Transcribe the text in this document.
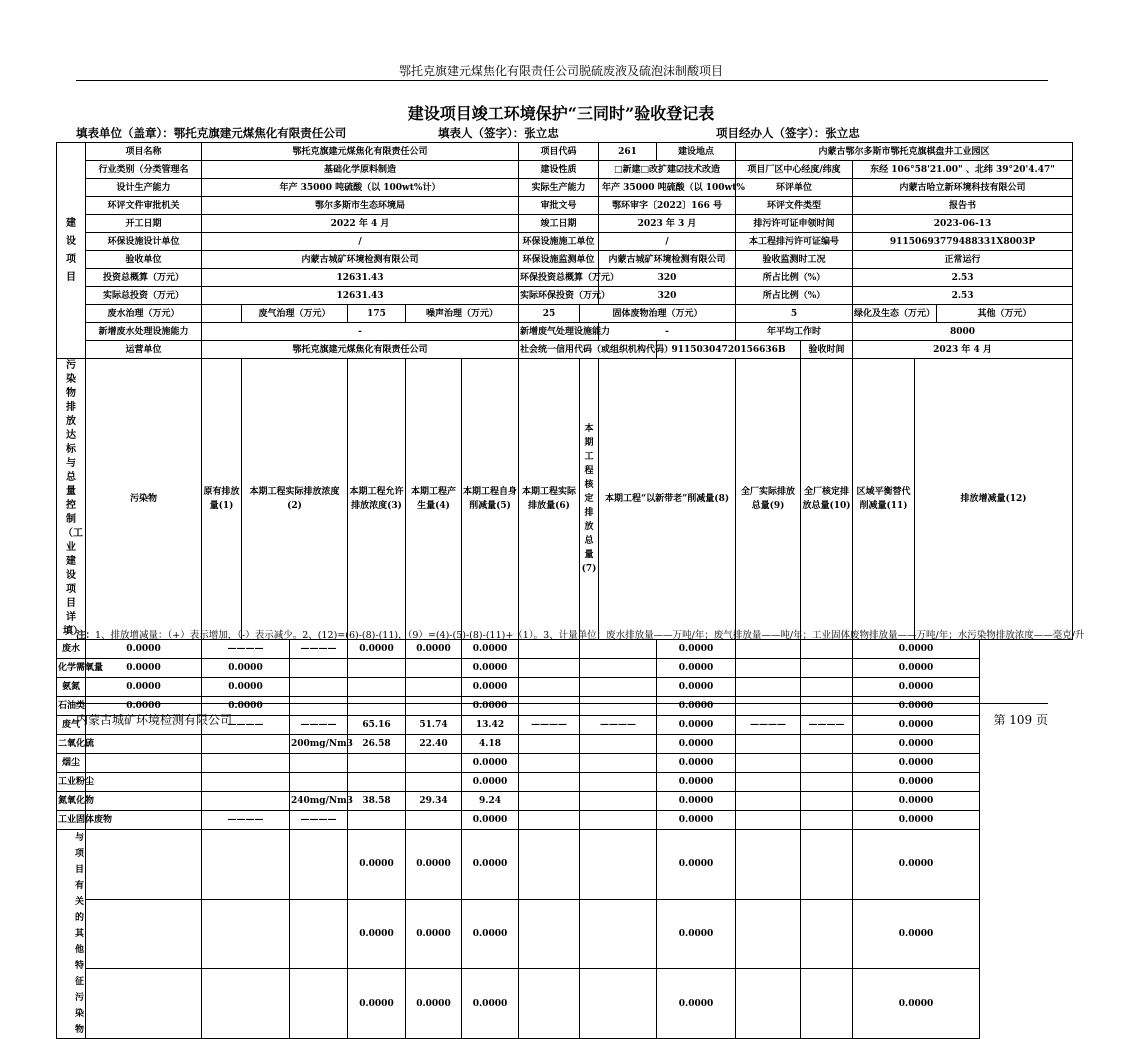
鄂托克旗建元煤焦化有限责任公司脱硫废液及硫泡沫制酸项目
建设项目竣工环境保护“三同时”验收登记表
填表单位（盖章）：鄂托克旗建元煤焦化有限责任公司	填表人（签字）：张立忠	项目经办人（签字）：张立忠
建设项目	项目名称	鄂托克旗建元煤焦化有限责任公司						项目代码		261	建设地点	内蒙古鄂尔多斯市鄂托克旗棋盘井工业园区					
	行业类别（分类管理名	基础化学原料制造						建设性质		□新建□改扩建☑技术改造		项目厂区中心经度/纬度		东经 106°58'21.00" 、北纬 39°20'4.47"			
	设计生产能力	年产 35000 吨硫酸（以 100wt%计）						实际生产能力		年产 35000 吨硫酸（以 100wt%		环评单位		内蒙古哈立新环境科技有限公司			
	环评文件审批机关	鄂尔多斯市生态环境局						审批文号		鄂环审字〔2022〕166 号		环评文件类型		报告书			
	开工日期	2022 年 4 月						竣工日期		2023 年 3 月		排污许可证申领时间		2023-06-13			
	环保设施设计单位	/						环保设施施工单位		/		本工程排污许可证编号		91150693779488331X8003P			
	验收单位	内蒙古城矿环境检测有限公司						环保设施监测单位		内蒙古城矿环境检测有限公司		验收监测时工况		正常运行			
	投资总概算（万元）	12631.43						环保投资总概算（万元）		320		所占比例（%）		2.53			
	实际总投资（万元）	12631.43						实际环保投资（万元）		320		所占比例（%）		2.53			
	废水治理（万元）		废气治理（万元）		175	噪声治理（万元）		25	固体废物治理（万元）			5		绿化及生态（万元）		其他（万元）	
	新增废水处理设施能力	-						新增废气处理设施能力		-		年平均工作时		8000			
	运营单位	鄂托克旗建元煤焦化有限责任公司						社会统一信用代码（或组织机构代码）			91150304720156636B		验收时间	2023 年 4 月			
污染物排放达标与总量控制（工业建设项目详填）	污染物	原有排放量(1)	本期工程实际排放浓度(2)		本期工程允许排放浓度(3)	本期工程产生量(4)	本期工程自身削减量(5)	本期工程实际排放量(6)	本期工程核定排放总量(7)	本期工程“以新带老”削减量(8)		全厂实际排放总量(9)	全厂核定排放总量(10)	区域平衡替代削减量(11)	排放增减量(12)		
废水	0.0000	————		————	0.0000	0.0000	0.0000				0.0000			0.0000			
化学需氧量	0.0000	0.0000					0.0000				0.0000			0.0000			
氨氮	0.0000	0.0000					0.0000				0.0000			0.0000			
石油类	0.0000	0.0000					0.0000				0.0000			0.0000			
废气		————		————	65.16	51.74	13.42	————	————		0.0000	————	————	0.0000			
二氧化硫				200mg/Nm3	26.58	22.40	4.18				0.0000			0.0000			
烟尘							0.0000				0.0000			0.0000			
工业粉尘							0.0000				0.0000			0.0000			
氮氧化物				240mg/Nm3	38.58	29.34	9.24				0.0000			0.0000			
工业固体废物		————		————			0.0000				0.0000			0.0000			
与项目有关的其他特征污染物					0.0000	0.0000	0.0000				0.0000			0.0000			
					0.0000	0.0000	0.0000				0.0000			0.0000			
					0.0000	0.0000	0.0000				0.0000			0.0000			
注：1、排放增减量：（+）表示增加，（-）表示减少。2、(12)=(6)-(8)-(11)，（9）=(4)-(5)-(8)-(11)+（1）。3、计量单位：废水排放量——万吨/年；废气排放量——吨/年；工业固体废物排放量——万吨/年；水污染物排放浓度——毫克/升
内蒙古城矿环境检测有限公司	第 109 页
